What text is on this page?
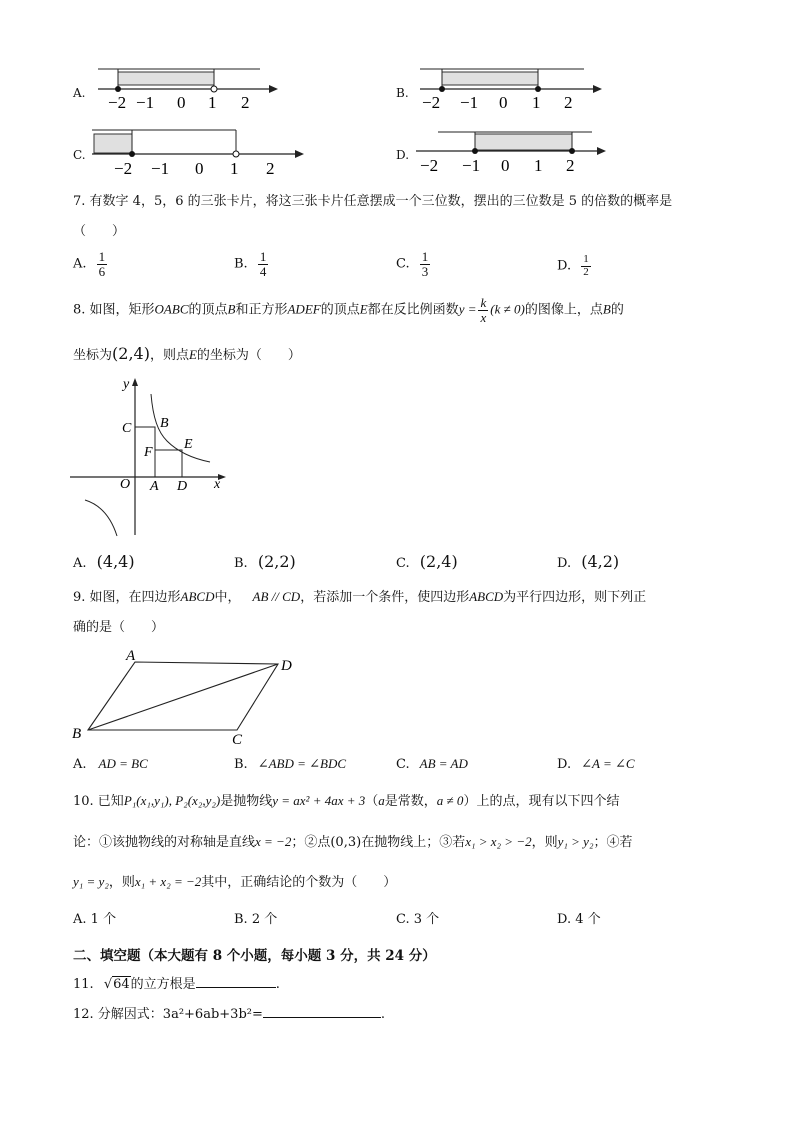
A. −2 −1 0 1 2	B. −2 −1 0 1 2
C.
−2 −1 0 1 2
D.
−2 −1 0 1 2
7. 有数字 4，5，6 的三张卡片，将这三张卡片任意摆成一个三位数，摆出的三位数是 5 的倍数的概率是
（　　）
A. $\frac{1}{6}$	B. $\frac{1}{4}$	C. $\frac{1}{3}$	D. $\frac{1}{2}$
8. 如图，矩形OABC的顶点B和正方形ADEF的顶点E都在反比例函数$y = \frac{k}{x} (k \ne 0)$的图像上，点B的
坐标为(2,4)，则点E的坐标为（　　）
y
x
O A D
C B
F
E
A. (4,4)	B. (2,2)	C. (2,4)	D. (4,2)
9. 如图，在四边形ABCD中， AB // CD，若添加一个条件，使四边形ABCD为平行四边形，则下列正
确的是（　　）
A
D
B	C
A. AD = BC	B. ∠ABD = ∠BDC	C. AB = AD	D. ∠A = ∠C
10. 已知P₁(x₁,y₁), P₂(x₂,y₂)是抛物线y = ax² + 4ax + 3（a是常数，a ≠ 0）上的点，现有以下四个结
论：①该抛物线的对称轴是直线x = −2；②点(0,3)在抛物线上；③若x₁ > x₂ > −2，则y₁ > y₂；④若
y₁ = y₂，则x₁ + x₂ = −2其中，正确结论的个数为（　　）
A. 1 个	B. 2 个	C. 3 个	D. 4 个
二、填空题（本大题有 8 个小题，每小题 3 分，共 24 分）
11. √64的立方根是	.
12. 分解因式：3a²+6ab+3b²=	.
